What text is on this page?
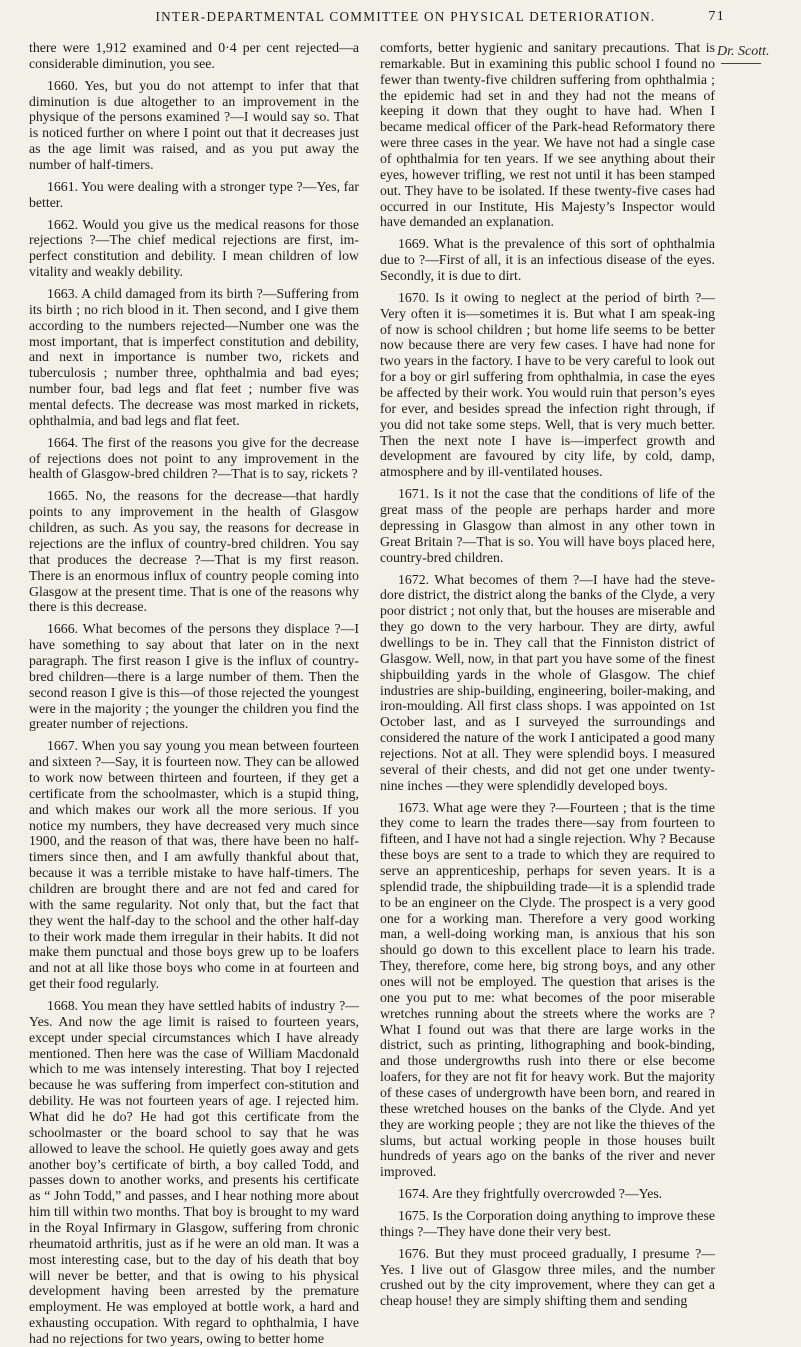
INTER-DEPARTMENTAL COMMITTEE ON PHYSICAL DETERIORATION.	71

there were 1,912 examined and 0·4 per cent rejected—a considerable diminution, you see.

1660. Yes, but you do not attempt to infer that that diminution is due altogether to an improvement in the physique of the persons examined ?—I would say so. That is noticed further on where I point out that it decreases just as the age limit was raised, and as you put away the number of half-timers.

1661. You were dealing with a stronger type ?—Yes, far better.

1662. Would you give us the medical reasons for those rejections ?—The chief medical rejections are first, im-perfect constitution and debility. I mean children of low vitality and weakly debility.

1663. A child damaged from its birth ?—Suffering from its birth ; no rich blood in it. Then second, and I give them according to the numbers rejected—Number one was the most important, that is imperfect constitution and debility, and next in importance is number two, rickets and tuberculosis ; number three, ophthalmia and bad eyes; number four, bad legs and flat feet ; number five was mental defects. The decrease was most marked in rickets, ophthalmia, and bad legs and flat feet.

1664. The first of the reasons you give for the decrease of rejections does not point to any improvement in the health of Glasgow-bred children ?—That is to say, rickets ?

1665. No, the reasons for the decrease—that hardly points to any improvement in the health of Glasgow children, as such. As you say, the reasons for decrease in rejections are the influx of country-bred children. You say that produces the decrease ?—That is my first reason. There is an enormous influx of country people coming into Glasgow at the present time. That is one of the reasons why there is this decrease.

1666. What becomes of the persons they displace ?—I have something to say about that later on in the next paragraph. The first reason I give is the influx of country-bred children—there is a large number of them. Then the second reason I give is this—of those rejected the youngest were in the majority ; the younger the children you find the greater number of rejections.

1667. When you say young you mean between fourteen and sixteen ?—Say, it is fourteen now. They can be allowed to work now between thirteen and fourteen, if they get a certificate from the schoolmaster, which is a stupid thing, and which makes our work all the more serious. If you notice my numbers, they have decreased very much since 1900, and the reason of that was, there have been no half-timers since then, and I am awfully thankful about that, because it was a terrible mistake to have half-timers. The children are brought there and are not fed and cared for with the same regularity. Not only that, but the fact that they went the half-day to the school and the other half-day to their work made them irregular in their habits. It did not make them punctual and those boys grew up to be loafers and not at all like those boys who come in at fourteen and get their food regularly.

1668. You mean they have settled habits of industry ?—Yes. And now the age limit is raised to fourteen years, except under special circumstances which I have already mentioned. Then here was the case of William Macdonald which to me was intensely interesting. That boy I rejected because he was suffering from imperfect con-stitution and debility. He was not fourteen years of age. I rejected him. What did he do? He had got this certificate from the schoolmaster or the board school to say that he was allowed to leave the school. He quietly goes away and gets another boy’s certificate of birth, a boy called Todd, and passes down to another works, and presents his certificate as “ John Todd,” and passes, and I hear nothing more about him till within two months. That boy is brought to my ward in the Royal Infirmary in Glasgow, suffering from chronic rheumatoid arthritis, just as if he were an old man. It was a most interesting case, but to the day of his death that boy will never be better, and that is owing to his physical development having been arrested by the premature employment. He was employed at bottle work, a hard and exhausting occupation. With regard to ophthalmia, I have had no rejections for two years, owing to better home

comforts, better hygienic and sanitary precautions. That is remarkable. But in examining this public school I found no fewer than twenty-five children suffering from ophthalmia ; the epidemic had set in and they had not the means of keeping it down that they ought to have had. When I became medical officer of the Park-head Reformatory there were three cases in the year. We have not had a single case of ophthalmia for ten years. If we see anything about their eyes, however trifling, we rest not until it has been stamped out. They have to be isolated. If these twenty-five cases had occurred in our Institute, His Majesty’s Inspector would have demanded an explanation.

1669. What is the prevalence of this sort of ophthalmia due to ?—First of all, it is an infectious disease of the eyes. Secondly, it is due to dirt.

1670. Is it owing to neglect at the period of birth ?—Very often it is—sometimes it is. But what I am speak-ing of now is school children ; but home life seems to be better now because there are very few cases. I have had none for two years in the factory. I have to be very careful to look out for a boy or girl suffering from ophthalmia, in case the eyes be affected by their work. You would ruin that person’s eyes for ever, and besides spread the infection right through, if you did not take some steps. Well, that is very much better. Then the next note I have is—imperfect growth and development are favoured by city life, by cold, damp, atmosphere and by ill-ventilated houses.

1671. Is it not the case that the conditions of life of the great mass of the people are perhaps harder and more depressing in Glasgow than almost in any other town in Great Britain ?—That is so. You will have boys placed here, country-bred children.

1672. What becomes of them ?—I have had the steve-dore district, the district along the banks of the Clyde, a very poor district ; not only that, but the houses are miserable and they go down to the very harbour. They are dirty, awful dwellings to be in. They call that the Finniston district of Glasgow. Well, now, in that part you have some of the finest shipbuilding yards in the whole of Glasgow. The chief industries are ship-building, engineering, boiler-making, and iron-moulding. All first class shops. I was appointed on 1st October last, and as I surveyed the surroundings and considered the nature of the work I anticipated a good many rejections. Not at all. They were splendid boys. I measured several of their chests, and did not get one under twenty-nine inches —they were splendidly developed boys.

1673. What age were they ?—Fourteen ; that is the time they come to learn the trades there—say from fourteen to fifteen, and I have not had a single rejection. Why ? Because these boys are sent to a trade to which they are required to serve an apprenticeship, perhaps for seven years. It is a splendid trade, the shipbuilding trade—it is a splendid trade to be an engineer on the Clyde. The prospect is a very good one for a working man. Therefore a very good working man, a well-doing working man, is anxious that his son should go down to this excellent place to learn his trade. They, therefore, come here, big strong boys, and any other ones will not be employed. The question that arises is the one you put to me: what becomes of the poor miserable wretches running about the streets where the works are ? What I found out was that there are large works in the district, such as printing, lithographing and book-binding, and those undergrowths rush into there or else become loafers, for they are not fit for heavy work. But the majority of these cases of undergrowth have been born, and reared in these wretched houses on the banks of the Clyde. And yet they are working people ; they are not like the thieves of the slums, but actual working people in those houses built hundreds of years ago on the banks of the river and never improved.

1674. Are they frightfully overcrowded ?—Yes.

1675. Is the Corporation doing anything to improve these things ?—They have done their very best.

1676. But they must proceed gradually, I presume ?—Yes. I live out of Glasgow three miles, and the number crushed out by the city improvement, where they can get a cheap house! they are simply shifting them and sending

Dr. Scott.
